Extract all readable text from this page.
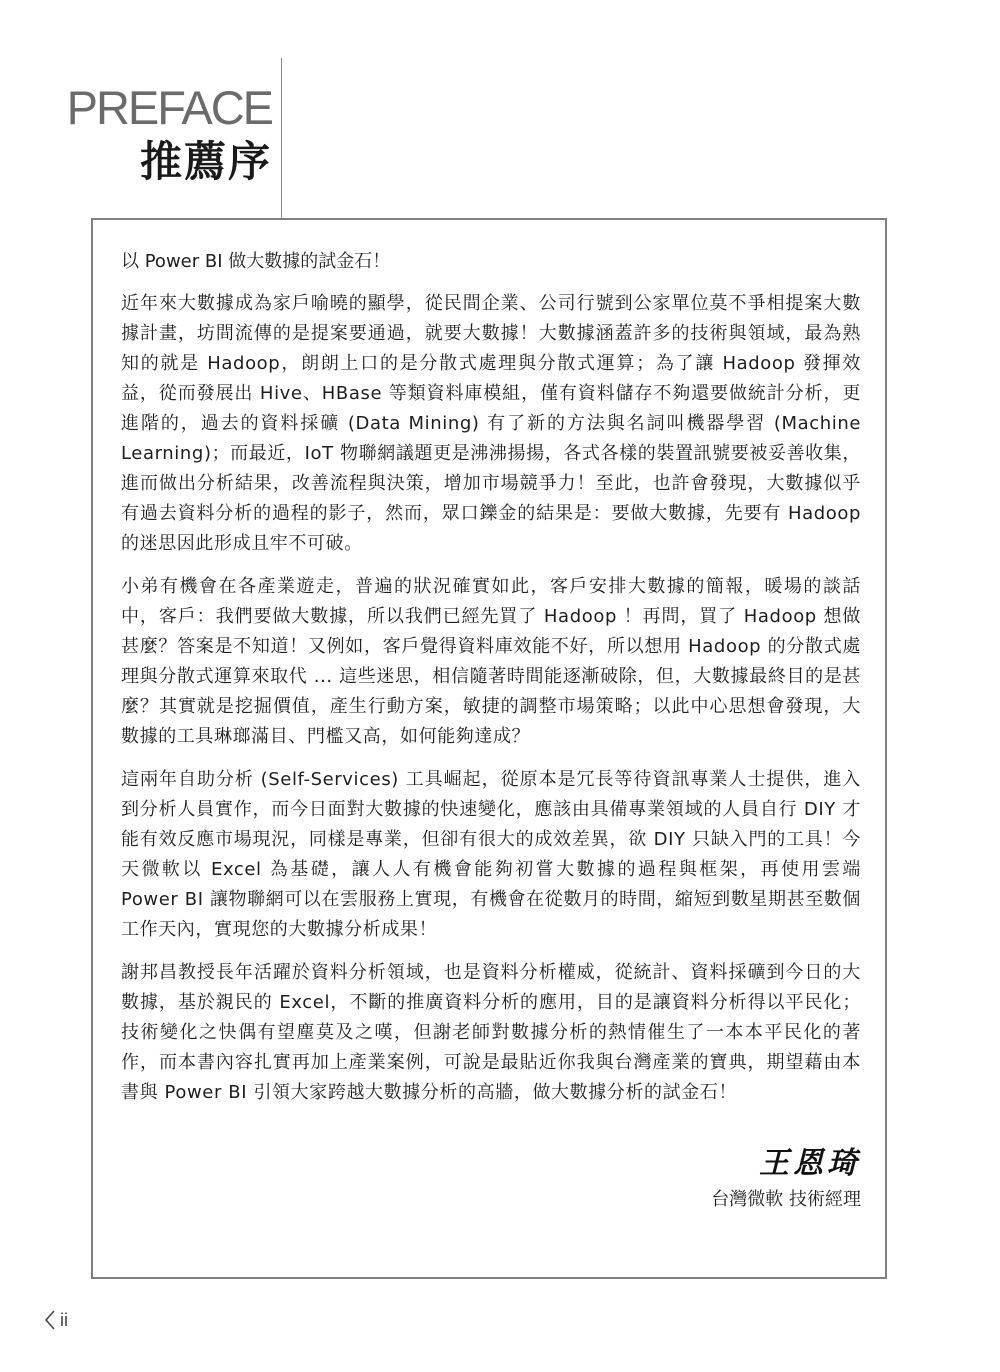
PREFACE
推薦序
以 Power BI 做大數據的試金石！

近年來大數據成為家戶喻曉的顯學，從民間企業、公司行號到公家單位莫不爭相提案大數據計畫，坊間流傳的是提案要通過，就要大數據！大數據涵蓋許多的技術與領域，最為熟知的就是 Hadoop，朗朗上口的是分散式處理與分散式運算；為了讓 Hadoop 發揮效益，從而發展出 Hive、HBase 等類資料庫模組，僅有資料儲存不夠還要做統計分析，更進階的，過去的資料採礦 (Data Mining) 有了新的方法與名詞叫機器學習 (Machine Learning)；而最近，IoT 物聯網議題更是沸沸揚揚，各式各樣的裝置訊號要被妥善收集，進而做出分析結果，改善流程與決策，增加市場競爭力！至此，也許會發現，大數據似乎有過去資料分析的過程的影子，然而，眾口鑠金的結果是：要做大數據，先要有 Hadoop 的迷思因此形成且牢不可破。

小弟有機會在各產業遊走，普遍的狀況確實如此，客戶安排大數據的簡報，暖場的談話中，客戶：我們要做大數據，所以我們已經先買了 Hadoop ！再問，買了 Hadoop 想做甚麼？答案是不知道！又例如，客戶覺得資料庫效能不好，所以想用 Hadoop 的分散式處理與分散式運算來取代 ... 這些迷思，相信隨著時間能逐漸破除，但，大數據最終目的是甚麼？其實就是挖掘價值，產生行動方案，敏捷的調整市場策略；以此中心思想會發現，大數據的工具琳瑯滿目、門檻又高，如何能夠達成？

這兩年自助分析 (Self-Services) 工具崛起，從原本是冗長等待資訊專業人士提供，進入到分析人員實作，而今日面對大數據的快速變化，應該由具備專業領域的人員自行 DIY 才能有效反應市場現況，同樣是專業，但卻有很大的成效差異，欲 DIY 只缺入門的工具！今天微軟以 Excel 為基礎，讓人人有機會能夠初嘗大數據的過程與框架，再使用雲端 Power BI 讓物聯網可以在雲服務上實現，有機會在從數月的時間，縮短到數星期甚至數個工作天內，實現您的大數據分析成果！

謝邦昌教授長年活躍於資料分析領域，也是資料分析權威，從統計、資料採礦到今日的大數據，基於親民的 Excel，不斷的推廣資料分析的應用，目的是讓資料分析得以平民化；技術變化之快偶有望塵莫及之嘆，但謝老師對數據分析的熱情催生了一本本平民化的著作，而本書內容扎實再加上產業案例，可說是最貼近你我與台灣產業的寶典，期望藉由本書與 Power BI 引領大家跨越大數據分析的高牆，做大數據分析的試金石！

王恩琦
台灣微軟 技術經理
ii
